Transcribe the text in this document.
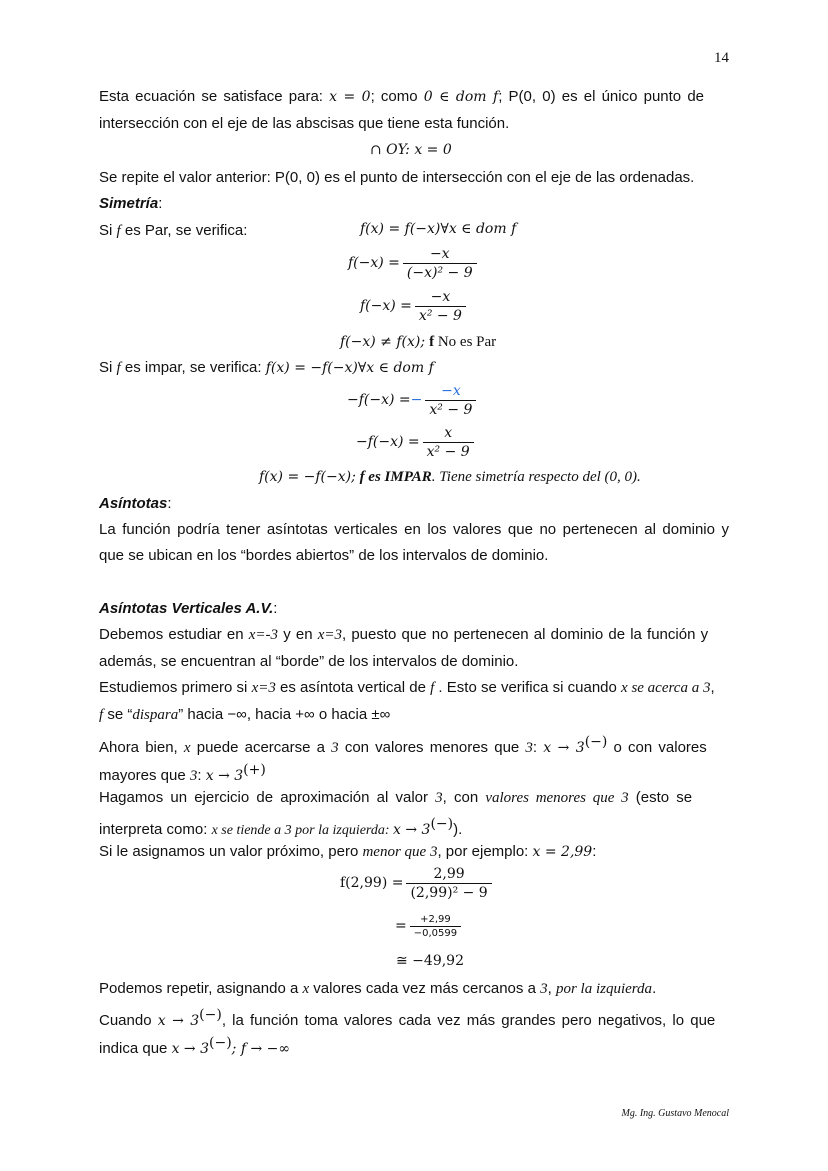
14
Esta ecuación se satisface para: x = 0; como 0 ∈ dom f; P(0, 0) es el único punto de
intersección con el eje de las abscisas que tiene esta función.
∩ OY: x = 0
Se repite el valor anterior: P(0, 0) es el punto de intersección con el eje de las ordenadas.
Simetría:
Si f es Par, se verifica:	f(x) = f(−x)∀x ∈ dom f
$f(-x) = \frac{-x}{\text{(−x)² − 9}}$
$f(-x) = \frac{-x}{\text{x² − 9}}$
f(−x) ≠ f(x); f No es Par
Si f es impar, se verifica: f(x) = −f(−x)∀x ∈ dom f
$-f(-x) =- \frac{-x}{\text{x² − 9}}$
$-f(-x) = \frac{x}{\text{x² − 9}}$
f(x) = −f(−x); f es IMPAR. Tiene simetría respecto del (0, 0).
Asíntotas:
La función podría tener asíntotas verticales en los valores que no pertenecen al dominio y
que se ubican en los “bordes abiertos” de los intervalos de dominio.
Asíntotas Verticales A.V.:
Debemos estudiar en x=-3 y en x=3, puesto que no pertenecen al dominio de la función y
además, se encuentran al “borde” de los intervalos de dominio.
Estudiemos primero si x=3 es asíntota vertical de f . Esto se verifica si cuando x se acerca a 3,
f se “dispara” hacia −∞, hacia +∞ o hacia ±∞
Ahora bien, x puede acercarse a 3 con valores menores que 3: x → 3(−) o con valores
mayores que 3: x → 3(+)
Hagamos un ejercicio de aproximación al valor 3, con valores menores que 3 (esto se
interpreta como: x se tiende a 3 por la izquierda: x → 3(−)).
Si le asignamos un valor próximo, pero menor que 3, por ejemplo: x = 2,99:
$f(2,99) = \frac{2,99}{\text{(2,99)² − 9}}$
= $\frac{+2,99}{-0,0599}$
≅ −49,92
Podemos repetir, asignando a x valores cada vez más cercanos a 3, por la izquierda.
Cuando x → 3(−), la función toma valores cada vez más grandes pero negativos, lo que
indica que x → 3(−); f → −∞
Mg. Ing. Gustavo Menocal
